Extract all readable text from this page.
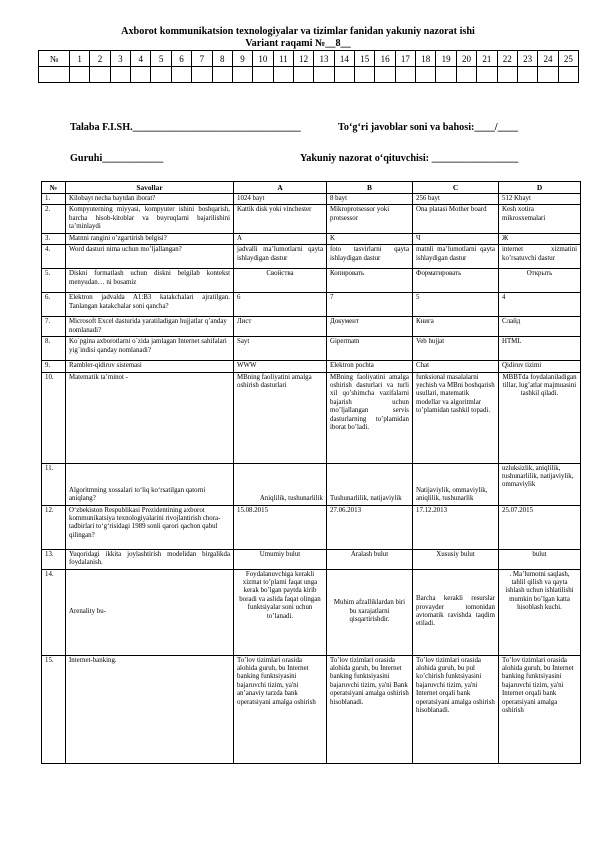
Axborot kommunikatsion texnologiyalar va tizimlar fanidan yakuniy nazorat ishi
Variant raqami №__8__
№	1	2	3	4	5	6	7	8	9	10	11	12	13	14	15	16	17	18	19	20	21	22	23	24	25

Talaba F.I.SH._________________________________	To‘g‘ri javoblar soni va bahosi:____/____
Guruhi____________	Yakuniy nazorat o‘qituvchisi: _________________
№	Savollar	A	B	C	D
1.	Kilobayt necha baytdan iborat?	1024 bayt	8 bayt	256 bayt	512 Kbayt
2.	Kompyuterning miyyasi, kompyuter ishini boshqarish, barcha hisob-kitoblar va buyruqlarni bajarilishini ta’minlaydi	Kattik disk yoki vinchester	Mikroprotsessor yoki protsessor	Ona platasi Mother board	Kesh xotira mikrosxemalari
3.	Matnni rangini o’zgartirish belgisi?	A	K	Ч	Ж
4.	Word dasturi nima uchun mo’ljallangan?	jadvalli ma’lumotlarni qayta ishlaydigan dastur	foto tasvirlarni qayta ishlaydigan dastur	matnli ma’lumotlarni qayta ishlaydigan dastur	internet xizmatini ko’rsatuvchi dastur
5.	Diskni formatlash uchun diskni belgilab kontekst menyudan… ni bosamiz	Свойства	Копировать	Форматировать	Открыть
6.	Elektron jadvalda A1:B3 katakchalari ajratilgan. Tanlangan katakchalar soni qancha?	6	7	5	4
7.	Microsoft Excel dasturida yaratiladigan hujjatlar q’anday nomlanadi?	Лист	Документ	Книга	Слайд
8.	Ko`pgina axborotlarni o`zida jamlagan Internet sahifalari yig`indisi qanday nomlanadi?	Sayt	Gipermatn	Veb hujjat	HTML
9.	Rambler-qidiruv sistemasi	WWW	Elektron pochta	Chat	Qidiruv tizimi
10.	Matematik ta’minot -	MBning faoliyatini amalga oshirish dasturlari	MBning faoliyatini amalga oshirish dasturlari va turli xil qo’shimcha vazifalarni bajarish uchun mo’ljallangan servis dasturlarning to’plamidan iborat bo’ladi.	funksional masalalarni yechish va MBni boshqarish usullari, matematik modellar va algoritmlar to’plamidan tashkil topadi.	MBBTda foydalaniladigan tillar, lug’atlar majmuasini tashkil qiladi.
11.	Algoritmning xossalari to‘liq ko‘rsatilgan qatorni aniqlang?	Aniqlilik, tushunarlilik	Tushunarlilik, natijaviylik	Natijaviylik, ommaviylik, aniqlilik, tushunarlik	uzluksizlik, aniqlilik, tushunarlilik, natijaviylik, ommaviylik
12.	O‘zbekiston Respublikasi Prezidentining axborot kommunikatsiya texnologiyalarini rivojlantirish chora-tadbirlari to‘g‘risidagi 1989 sonli qarori qachon qabul qilingan?	15.08.2015	27.06.2013	17.12.2013	25.07.2015
13.	Yuqoridagi ikkita joylashtirish modelidan birgalikda foydalanish.	Umumiy bulut	Aralash bulut	Xususiy bulut	bulut
14.	Arenality bu-	Foydalanuvchiga kerakli xizmat to’plami faqat unga kerak bo’lgan paytda kirib boradi va aslida faqat olingan funktsiyalar soni uchun to’lanadi.	Muhim afzalliklardan biri bu xarajatlarni qisqartirishdir.	Barcha kerakli resurslar provayder tomonidan avtomatik ravishda taqdim etiladi.	. Ma’lumotni saqlash, tahlil qilish va qayta ishlash uchun ishlatilishi mumkin bo’lgan katta hisoblash kuchi.
15.	Internet-banking.	To’lov tizimlari orasida alohida guruh, bu Internet banking funktsiyasini bajaruvchi tizim, ya'ni an’anaviy tarzda bank operatsiyani amalga oshirish	To’lov tizimlari orasida alohida guruh, bu Internet banking funktsiyasini bajaruvchi tizim, ya'ni Bank operatsiyani amalga oshirish hisoblanadi.	To’lov tizimlari orasida alohida guruh, bu pul ko’chirish funktsiyasini bajaruvchi tizim, ya'ni Internet orqali bank operatsiyani amalga oshirish hisoblanadi.	To’lov tizimlari orasida alohida guruh, bu Internet banking funktsiyasini bajaruvchi tizim, ya'ni Internet orqali bank operatsiyani amalga oshirish
